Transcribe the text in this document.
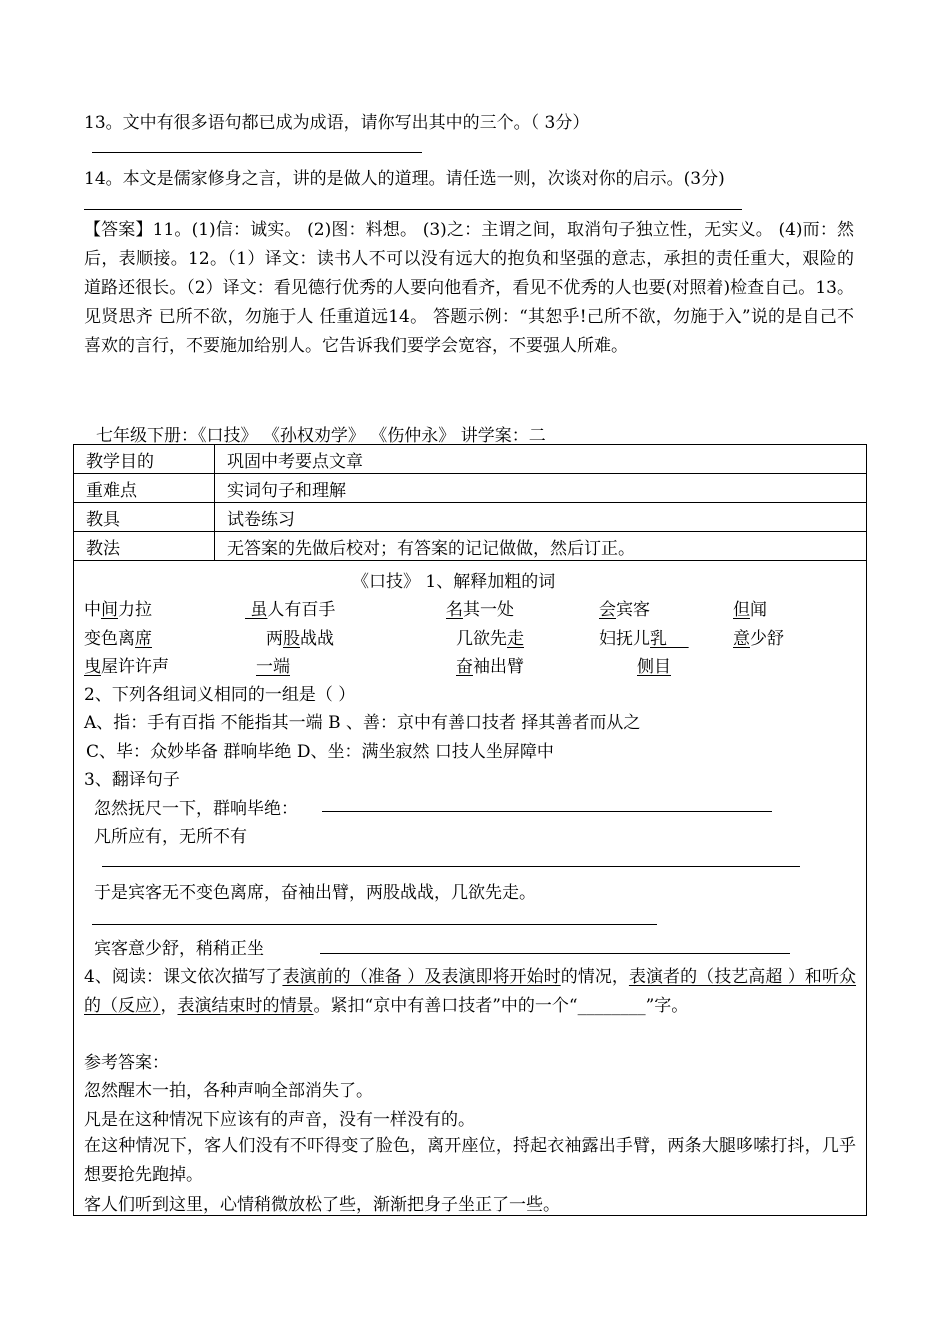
13。文中有很多语句都已成为成语，请你写出其中的三个。（ 3分）
14。本文是儒家修身之言，讲的是做人的道理。请任选一则，次谈对你的启示。(3分)
【答案】11。(1)信：诚实。 (2)图：料想。 (3)之：主谓之间，取消句子独立性，无实义。 (4)而：然后，表顺接。12。（1）译文：读书人不可以没有远大的抱负和坚强的意志，承担的责任重大，艰险的道路还很长。（2）译文：看见德行优秀的人要向他看齐，看见不优秀的人也要(对照着)检查自己。13。见贤思齐 已所不欲，勿施于人 任重道远14。 答题示例：“其恕乎!己所不欲，勿施于入”说的是自己不喜欢的言行，不要施加给别人。它告诉我们要学会宽容，不要强人所难。
七年级下册：《口技》 《孙权劝学》 《伤仲永》 讲学案：二
教学目的	巩固中考要点文章
重难点	实词句子和理解
教具	试卷练习
教法	无答案的先做后校对；有答案的记记做做，然后订正。
《口技》 1、解释加粗的词
中间力拉	虽人有百手	名其一处	会宾客	但闻
变色离席	两股战战	几欲先走	妇抚儿乳	意少舒
曳屋许许声	一端	奋袖出臂	侧目
2、下列各组词义相同的一组是（ ）
A、指：手有百指 不能指其一端 B 、善：京中有善口技者 择其善者而从之
C、毕：众妙毕备 群响毕绝 D、坐：满坐寂然 口技人坐屏障中
3、翻译句子
忽然抚尺一下，群响毕绝：
凡所应有，无所不有
于是宾客无不变色离席，奋袖出臂，两股战战，几欲先走。
宾客意少舒，稍稍正坐
4、阅读：课文依次描写了表演前的（准备 ）及表演即将开始时的情况，表演者的（技艺高超 ）和听众的（反应），表演结束时的情景。紧扣“京中有善口技者”中的一个“________”字。
参考答案：
忽然醒木一拍，各种声响全部消失了。
凡是在这种情况下应该有的声音，没有一样没有的。
在这种情况下，客人们没有不吓得变了脸色，离开座位，捋起衣袖露出手臂，两条大腿哆嗦打抖，几乎想要抢先跑掉。
客人们听到这里，心情稍微放松了些，渐渐把身子坐正了一些。
